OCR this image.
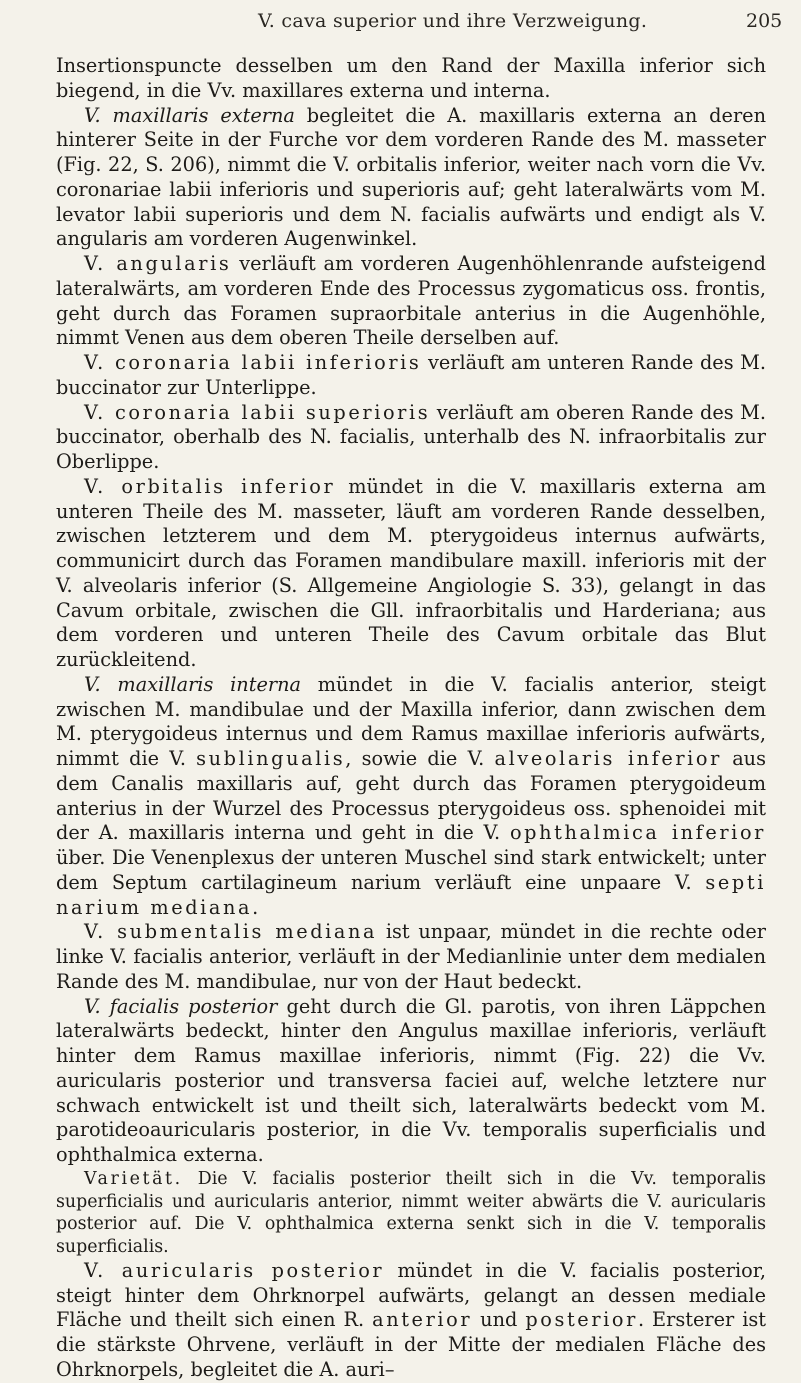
V. cava superior und ihre Verzweigung.	205

Insertionspuncte desselben um den Rand der Maxilla inferior sich biegend, in die Vv. maxillares externa und interna.

V. maxillaris externa begleitet die A. maxillaris externa an deren hinterer Seite in der Furche vor dem vorderen Rande des M. masseter (Fig. 22, S. 206), nimmt die V. orbitalis inferior, weiter nach vorn die Vv. coronariae labii inferioris und superioris auf; geht lateralwärts vom M. levator labii superioris und dem N. facialis aufwärts und endigt als V. angularis am vorderen Augenwinkel.

V. angularis verläuft am vorderen Augenhöhlenrande aufsteigend lateralwärts, am vorderen Ende des Processus zygomaticus oss. frontis, geht durch das Foramen supraorbitale anterius in die Augenhöhle, nimmt Venen aus dem oberen Theile derselben auf.

V. coronaria labii inferioris verläuft am unteren Rande des M. buccinator zur Unterlippe.

V. coronaria labii superioris verläuft am oberen Rande des M. buccinator, oberhalb des N. facialis, unterhalb des N. infraorbitalis zur Oberlippe.

V. orbitalis inferior mündet in die V. maxillaris externa am unteren Theile des M. masseter, läuft am vorderen Rande desselben, zwischen letzterem und dem M. pterygoideus internus aufwärts, communicirt durch das Foramen mandibulare maxill. inferioris mit der V. alveolaris inferior (S. Allgemeine Angiologie S. 33), gelangt in das Cavum orbitale, zwischen die Gll. infraorbitalis und Harderiana; aus dem vorderen und unteren Theile des Cavum orbitale das Blut zurückleitend.

V. maxillaris interna mündet in die V. facialis anterior, steigt zwischen M. mandibulae und der Maxilla inferior, dann zwischen dem M. pterygoideus internus und dem Ramus maxillae inferioris aufwärts, nimmt die V. sublingualis, sowie die V. alveolaris inferior aus dem Canalis maxillaris auf, geht durch das Foramen pterygoideum anterius in der Wurzel des Processus pterygoideus oss. sphenoidei mit der A. maxillaris interna und geht in die V. ophthalmica inferior über. Die Venenplexus der unteren Muschel sind stark entwickelt; unter dem Septum cartilagineum narium verläuft eine unpaare V. septi narium mediana.

V. submentalis mediana ist unpaar, mündet in die rechte oder linke V. facialis anterior, verläuft in der Medianlinie unter dem medialen Rande des M. mandibulae, nur von der Haut bedeckt.

V. facialis posterior geht durch die Gl. parotis, von ihren Läppchen lateralwärts bedeckt, hinter den Angulus maxillae inferioris, verläuft hinter dem Ramus maxillae inferioris, nimmt (Fig. 22) die Vv. auricularis posterior und transversa faciei auf, welche letztere nur schwach entwickelt ist und theilt sich, lateralwärts bedeckt vom M. parotideoauricularis posterior, in die Vv. temporalis superficialis und ophthalmica externa.

Varietät. Die V. facialis posterior theilt sich in die Vv. temporalis superficialis und auricularis anterior, nimmt weiter abwärts die V. auricularis posterior auf. Die V. ophthalmica externa senkt sich in die V. temporalis superficialis.

V. auricularis posterior mündet in die V. facialis posterior, steigt hinter dem Ohrknorpel aufwärts, gelangt an dessen mediale Fläche und theilt sich einen R. anterior und posterior. Ersterer ist die stärkste Ohrvene, verläuft in der Mitte der medialen Fläche des Ohrknorpels, begleitet die A. auri–
